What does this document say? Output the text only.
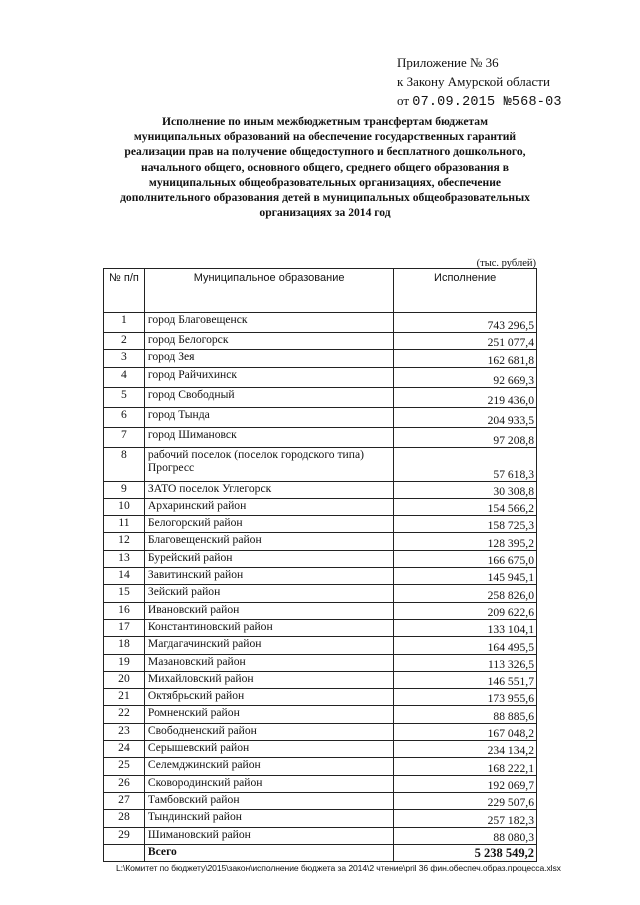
Приложение № 36
к Закону Амурской области
от 07.09.2015 №568-03
Исполнение по иным межбюджетным трансфертам бюджетам муниципальных образований на обеспечение государственных гарантий реализации прав на получение общедоступного и бесплатного дошкольного, начального общего, основного общего, среднего общего образования в муниципальных общеобразовательных организациях, обеспечение дополнительного образования детей в муниципальных общеобразовательных организациях за 2014 год
(тыс. рублей)
№ п/п	Муниципальное образование	Исполнение
1	город Благовещенск	743 296,5
2	город Белогорск	251 077,4
3	город Зея	162 681,8
4	город Райчихинск	92 669,3
5	город Свободный	219 436,0
6	город Тында	204 933,5
7	город Шимановск	97 208,8
8	рабочий поселок (поселок городского типа) Прогресс	57 618,3
9	ЗАТО поселок Углегорск	30 308,8
10	Архаринский район	154 566,2
11	Белогорский район	158 725,3
12	Благовещенский район	128 395,2
13	Бурейский район	166 675,0
14	Завитинский район	145 945,1
15	Зейский район	258 826,0
16	Ивановский район	209 622,6
17	Константиновский район	133 104,1
18	Магдагачинский район	164 495,5
19	Мазановский район	113 326,5
20	Михайловский район	146 551,7
21	Октябрьский район	173 955,6
22	Ромненский район	88 885,6
23	Свободненский район	167 048,2
24	Серышевский район	234 134,2
25	Селемджинский район	168 222,1
26	Сковородинский район	192 069,7
27	Тамбовский район	229 507,6
28	Тындинский район	257 182,3
29	Шимановский район	88 080,3
	Всего	5 238 549,2
L:\Комитет по бюджету\2015\закон\исполнение бюджета за 2014\2 чтение\pril 36 фин.обеспеч.образ.процесса.xlsx
